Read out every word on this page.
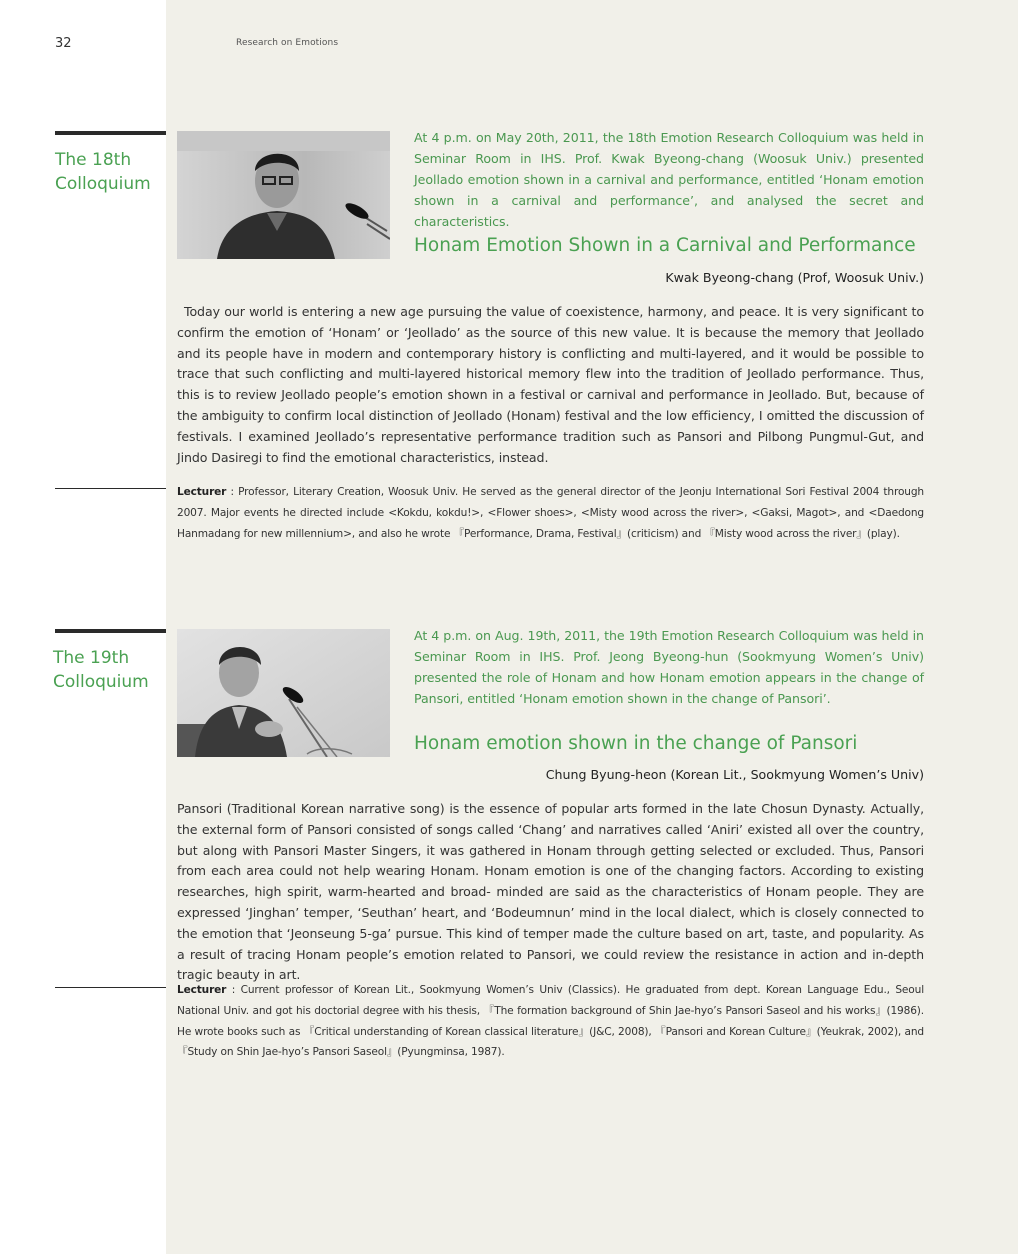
32	Research on Emotions
The 18th
Colloquium
At 4 p.m. on May 20th, 2011, the 18th Emotion Research Colloquium was held in Seminar Room in IHS. Prof. Kwak Byeong-chang (Woosuk Univ.) presented Jeollado emotion shown in a carnival and performance, entitled ‘Honam emotion shown in a carnival and performance’, and analysed the secret and characteristics.
Honam Emotion Shown in a Carnival and Performance
Kwak Byeong-chang (Prof, Woosuk Univ.)
Today our world is entering a new age pursuing the value of coexistence, harmony, and peace. It is very significant to confirm the emotion of ‘Honam’ or ‘Jeollado’ as the source of this new value. It is because the memory that Jeollado and its people have in modern and contemporary history is conflicting and multi-layered, and it would be possible to trace that such conflicting and multi-layered historical memory flew into the tradition of Jeollado performance. Thus, this is to review Jeollado people’s emotion shown in a festival or carnival and performance in Jeollado. But, because of the ambiguity to confirm local distinction of Jeollado (Honam) festival and the low efficiency, I omitted the discussion of festivals. I examined Jeollado’s representative performance tradition such as Pansori and Pilbong Pungmul-Gut, and Jindo Dasiregi to find the emotional characteristics, instead.
Lecturer : Professor, Literary Creation, Woosuk Univ. He served as the general director of the Jeonju International Sori Festival 2004 through 2007. Major events he directed include <Kokdu, kokdu!>, <Flower shoes>, <Misty wood across the river>, <Gaksi, Magot>, and <Daedong Hanmadang for new millennium>, and also he wrote 『Performance, Drama, Festival』(criticism) and 『Misty wood across the river』(play).
The 19th
Colloquium
At 4 p.m. on Aug. 19th, 2011, the 19th Emotion Research Colloquium was held in Seminar Room in IHS. Prof. Jeong Byeong-hun (Sookmyung Women’s Univ) presented the role of Honam and how Honam emotion appears in the change of Pansori, entitled ‘Honam emotion shown in the change of Pansori’.
Honam emotion shown in the change of Pansori
Chung Byung-heon (Korean Lit., Sookmyung Women’s Univ)
Pansori (Traditional Korean narrative song) is the essence of popular arts formed in the late Chosun Dynasty. Actually, the external form of Pansori consisted of songs called ‘Chang’ and narratives called ‘Aniri’ existed all over the country, but along with Pansori Master Singers, it was gathered in Honam through getting selected or excluded. Thus, Pansori from each area could not help wearing Honam. Honam emotion is one of the changing factors. According to existing researches, high spirit, warm-hearted and broad- minded are said as the characteristics of Honam people. They are expressed ‘Jinghan’ temper, ‘Seuthan’ heart, and ‘Bodeumnun’ mind in the local dialect, which is closely connected to the emotion that ‘Jeonseung 5-ga’ pursue. This kind of temper made the culture based on art, taste, and popularity. As a result of tracing Honam people’s emotion related to Pansori, we could review the resistance in action and in-depth tragic beauty in art.
Lecturer : Current professor of Korean Lit., Sookmyung Women’s Univ (Classics). He graduated from dept. Korean Language Edu., Seoul National Univ. and got his doctorial degree with his thesis, 『The formation background of Shin Jae-hyo’s Pansori Saseol and his works』(1986). He wrote books such as 『Critical understanding of Korean classical literature』(J&C, 2008), 『Pansori and Korean Culture』(Yeukrak, 2002), and 『Study on Shin Jae-hyo’s Pansori Saseol』(Pyungminsa, 1987).
